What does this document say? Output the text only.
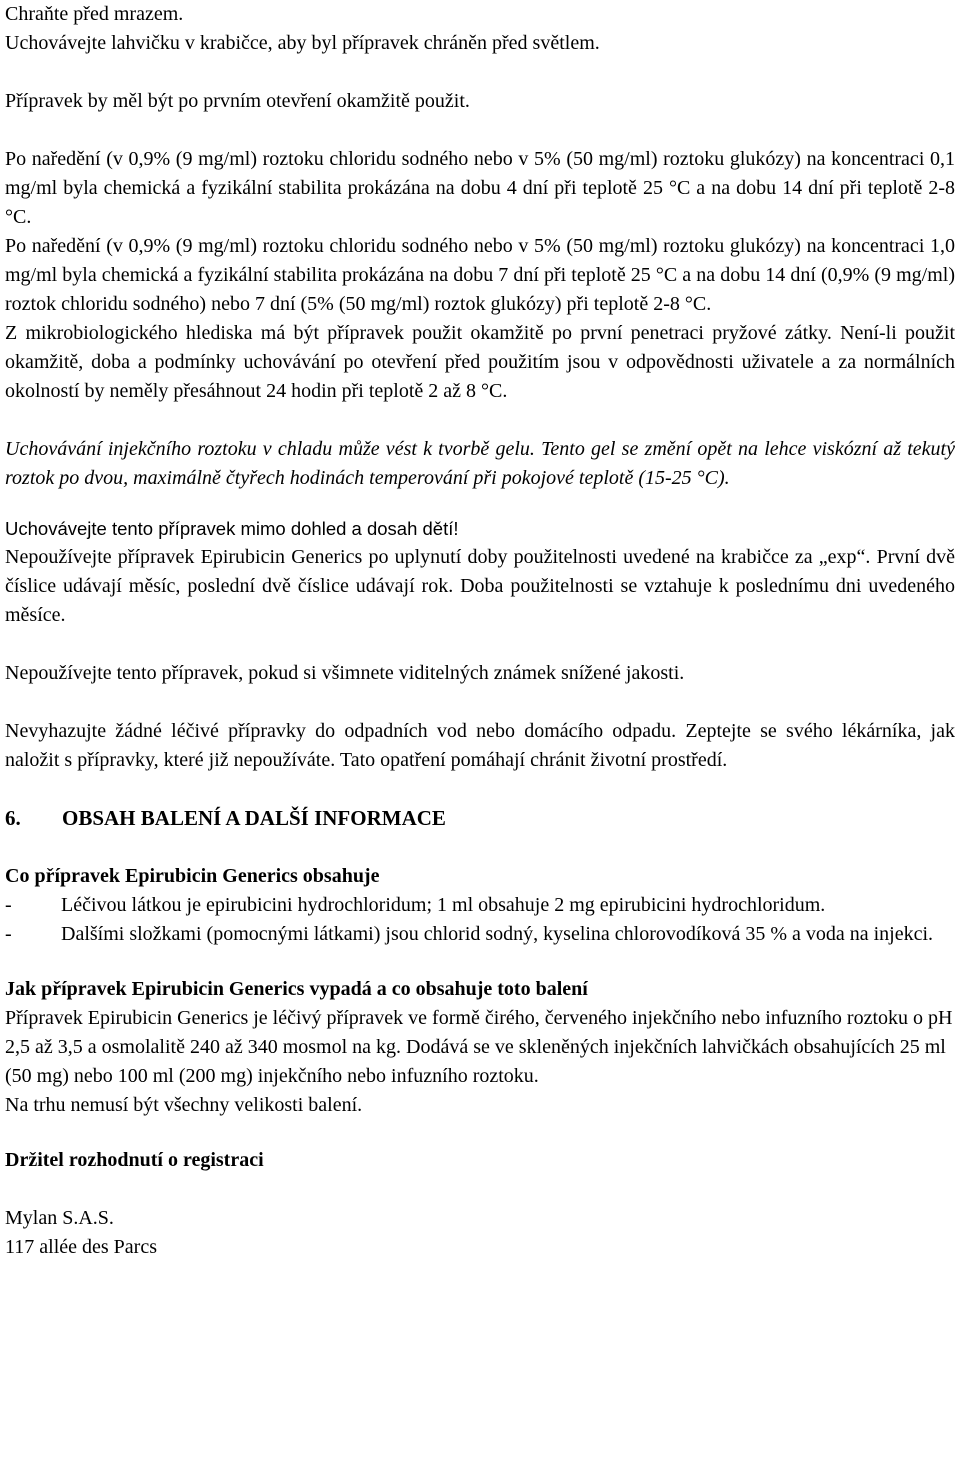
Chraňte před mrazem.

Uchovávejte lahvičku v krabičce, aby byl přípravek chráněn před světlem.

Přípravek by měl být po prvním otevření okamžitě použit.

Po naředění (v 0,9% (9 mg/ml) roztoku chloridu sodného nebo v 5% (50 mg/ml) roztoku glukózy) na koncentraci 0,1 mg/ml byla chemická a fyzikální stabilita prokázána na dobu 4 dní při teplotě 25 °C a na dobu 14 dní při teplotě 2-8 °C.

Po naředění (v 0,9% (9 mg/ml) roztoku chloridu sodného nebo v 5% (50 mg/ml) roztoku glukózy) na koncentraci 1,0 mg/ml byla chemická a fyzikální stabilita prokázána na dobu 7 dní při teplotě 25 °C a na dobu 14 dní (0,9% (9 mg/ml) roztok chloridu sodného) nebo 7 dní (5% (50 mg/ml) roztok glukózy) při teplotě 2-8 °C.

Z mikrobiologického hlediska má být přípravek použit okamžitě po první penetraci pryžové zátky. Není-li použit okamžitě, doba a podmínky uchovávání po otevření před použitím jsou v odpovědnosti uživatele a za normálních okolností by neměly přesáhnout 24 hodin při teplotě 2 až 8 °C.

Uchovávání injekčního roztoku v chladu může vést k tvorbě gelu. Tento gel se změní opět na lehce viskózní až tekutý roztok po dvou, maximálně čtyřech hodinách temperování při pokojové teplotě (15-25 °C).

Uchovávejte tento přípravek mimo dohled a dosah dětí!

Nepoužívejte přípravek Epirubicin Generics po uplynutí doby použitelnosti uvedené na krabičce za „exp“. První dvě číslice udávají měsíc, poslední dvě číslice udávají rok. Doba použitelnosti se vztahuje k poslednímu dni uvedeného měsíce.

Nepoužívejte tento přípravek, pokud si všimnete viditelných známek snížené jakosti.

Nevyhazujte žádné léčivé přípravky do odpadních vod nebo domácího odpadu. Zeptejte se svého lékárníka, jak naložit s přípravky, které již nepoužíváte. Tato opatření pomáhají chránit životní prostředí.

6. OBSAH BALENÍ A DALŠÍ INFORMACE

Co přípravek Epirubicin Generics obsahuje

- Léčivou látkou je epirubicini hydrochloridum; 1 ml obsahuje 2 mg epirubicini hydrochloridum.
- Dalšími složkami (pomocnými látkami) jsou chlorid sodný, kyselina chlorovodíková 35 % a voda na injekci.

Jak přípravek Epirubicin Generics vypadá a co obsahuje toto balení

Přípravek Epirubicin Generics je léčivý přípravek ve formě čirého, červeného injekčního nebo infuzního roztoku o pH 2,5 až 3,5 a osmolalitě 240 až 340 mosmol na kg. Dodává se ve skleněných injekčních lahvičkách obsahujících 25 ml (50 mg) nebo 100 ml (200 mg) injekčního nebo infuzního roztoku.

Na trhu nemusí být všechny velikosti balení.

Držitel rozhodnutí o registraci

Mylan S.A.S.

117 allée des Parcs
